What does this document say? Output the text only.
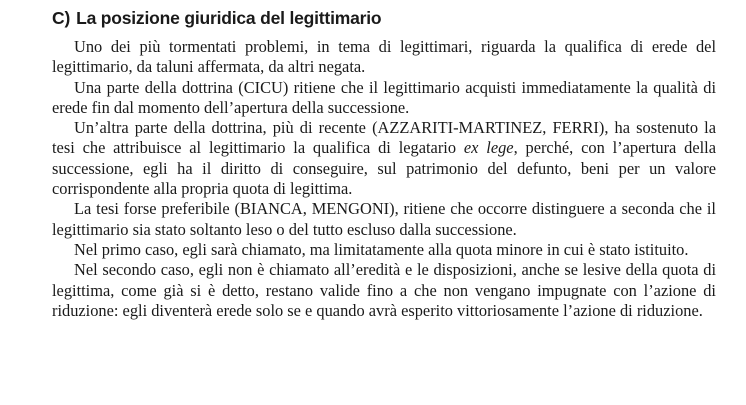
C) La posizione giuridica del legittimario

Uno dei più tormentati problemi, in tema di legittimari, riguarda la qualifica di erede del legittimario, da taluni affermata, da altri negata.

Una parte della dottrina (CICU) ritiene che il legittimario acquisti immediatamente la qualità di erede fin dal momento dell’apertura della successione.

Un’altra parte della dottrina, più di recente (AZZARITI-MARTINEZ, FERRI), ha sostenuto la tesi che attribuisce al legittimario la qualifica di legatario ex lege, perché, con l’apertura della successione, egli ha il diritto di conseguire, sul patrimonio del defunto, beni per un valore corrispondente alla propria quota di legittima.

La tesi forse preferibile (BIANCA, MENGONI), ritiene che occorre distinguere a seconda che il legittimario sia stato soltanto leso o del tutto escluso dalla successione.

Nel primo caso, egli sarà chiamato, ma limitatamente alla quota minore in cui è stato istituito.

Nel secondo caso, egli non è chiamato all’eredità e le disposizioni, anche se lesive della quota di legittima, come già si è detto, restano valide fino a che non vengano impugnate con l’azione di riduzione: egli diventerà erede solo se e quando avrà esperito vittoriosamente l’azione di riduzione.
